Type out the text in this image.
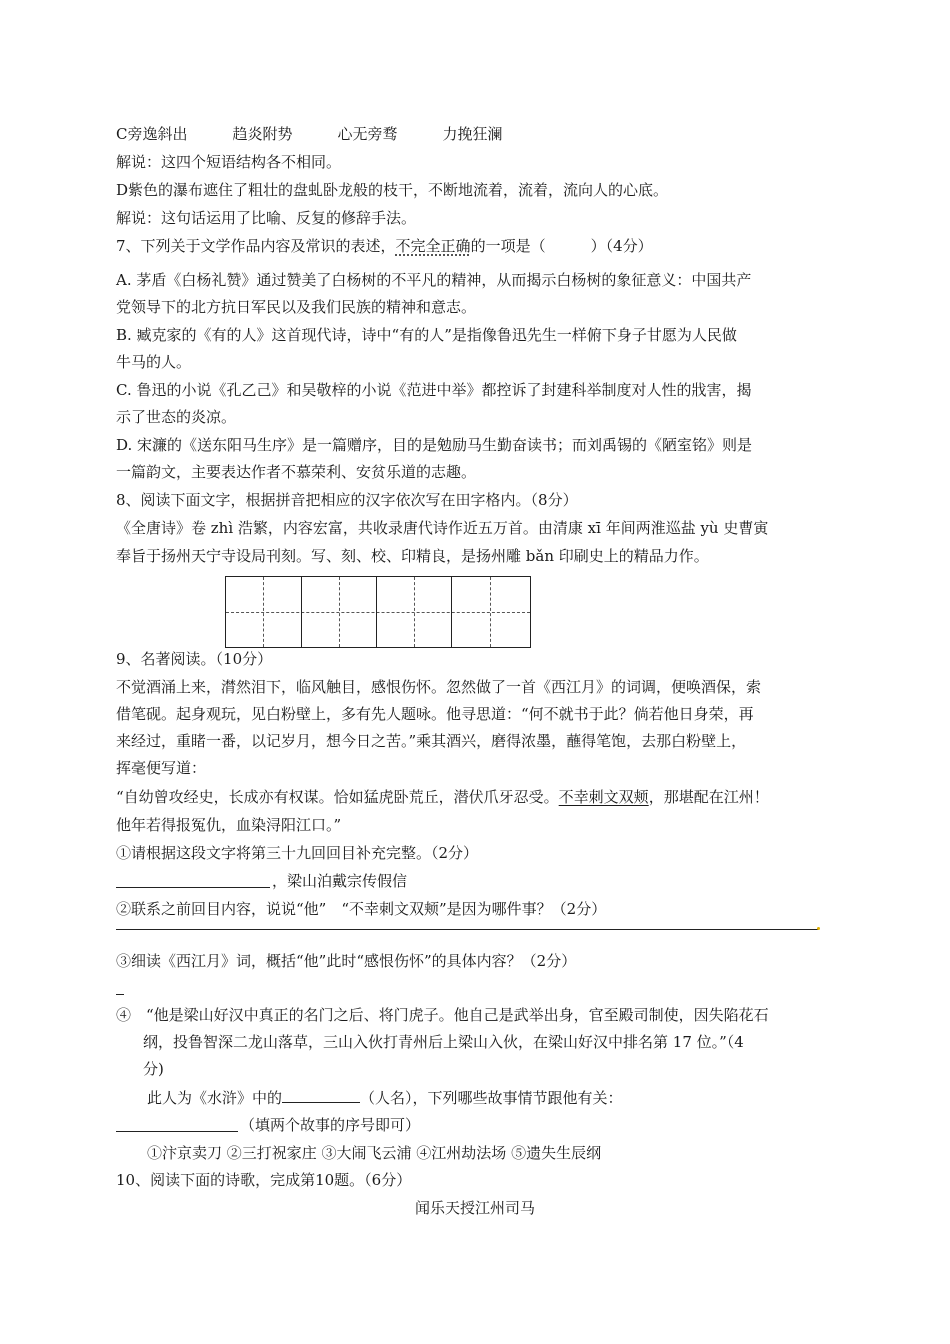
C旁逸斜出　　　趋炎附势　　　心无旁骛　　　力挽狂澜
解说：这四个短语结构各不相同。
D紫色的瀑布遮住了粗壮的盘虬卧龙般的枝干，不断地流着，流着，流向人的心底。
解说：这句话运用了比喻、反复的修辞手法。
7、下列关于文学作品内容及常识的表述，不完全正确的一项是（　　　）（4分）
A. 茅盾《白杨礼赞》通过赞美了白杨树的不平凡的精神，从而揭示白杨树的象征意义：中国共产
党领导下的北方抗日军民以及我们民族的精神和意志。
B. 臧克家的《有的人》这首现代诗，诗中“有的人”是指像鲁迅先生一样俯下身子甘愿为人民做
牛马的人。
C. 鲁迅的小说《孔乙己》和吴敬梓的小说《范进中举》都控诉了封建科举制度对人性的戕害，揭
示了世态的炎凉。
D. 宋濂的《送东阳马生序》是一篇赠序，目的是勉励马生勤奋读书；而刘禹锡的《陋室铭》则是
一篇韵文，主要表达作者不慕荣利、安贫乐道的志趣。
8、阅读下面文字，根据拼音把相应的汉字依次写在田字格内。（8分）
《全唐诗》卷 zhì 浩繁，内容宏富，共收录唐代诗作近五万首。由清康 xī 年间两淮巡盐 yù 史曹寅
奉旨于扬州天宁寺设局刊刻。写、刻、校、印精良，是扬州雕 bǎn 印刷史上的精品力作。
9、名著阅读。（10分）
不觉酒涌上来，潸然泪下，临风触目，感恨伤怀。忽然做了一首《西江月》的词调，便唤酒保，索
借笔砚。起身观玩，见白粉壁上，多有先人题咏。他寻思道：“何不就书于此？倘若他日身荣，再
来经过，重睹一番，以记岁月，想今日之苦。”乘其酒兴，磨得浓墨，蘸得笔饱，去那白粉壁上，
挥毫便写道：
“自幼曾攻经史，长成亦有权谋。恰如猛虎卧荒丘，潜伏爪牙忍受。不幸刺文双颊，那堪配在江州！
他年若得报冤仇，血染浔阳江口。”
①请根据这段文字将第三十九回回目补充完整。（2分）
，梁山泊戴宗传假信
②联系之前回目内容，说说“他”　“不幸刺文双颊”是因为哪件事？（2分）
③细读《西江月》词，概括“他”此时“感恨伤怀”的具体内容？（2分）
④　“他是梁山好汉中真正的名门之后、将门虎子。他自己是武举出身，官至殿司制使，因失陷花石
纲，投鲁智深二龙山落草，三山入伙打青州后上梁山入伙，在梁山好汉中排名第 17 位。”（4
分)
此人为《水浒》中的	（人名），下列哪些故事情节跟他有关：
（填两个故事的序号即可）
①汴京卖刀 ②三打祝家庄 ③大闹飞云浦 ④江州劫法场 ⑤遗失生辰纲
10、阅读下面的诗歌，完成第10题。（6分）
闻乐天授江州司马
